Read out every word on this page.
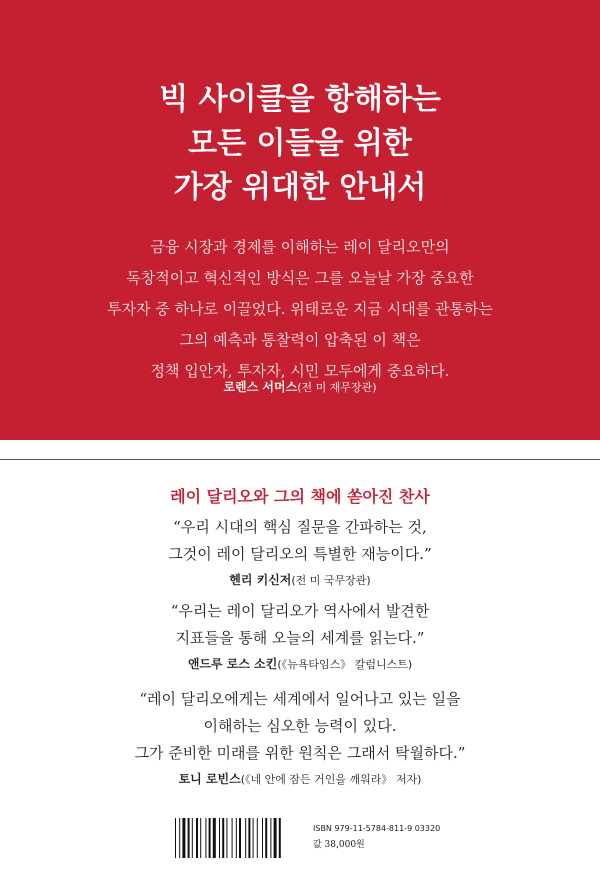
빅 사이클을 항해하는
모든 이들을 위한
가장 위대한 안내서
금융 시장과 경제를 이해하는 레이 달리오만의
독창적이고 혁신적인 방식은 그를 오늘날 가장 중요한
투자자 중 하나로 이끌었다. 위태로운 지금 시대를 관통하는
그의 예측과 통찰력이 압축된 이 책은
정책 입안자, 투자자, 시민 모두에게 중요하다.
로렌스 서머스(전 미 재무장관)
레이 달리오와 그의 책에 쏟아진 찬사
“우리 시대의 핵심 질문을 간파하는 것,
그것이 레이 달리오의 특별한 재능이다.”
헨리 키신저(전 미 국무장관)
“우리는 레이 달리오가 역사에서 발견한
지표들을 통해 오늘의 세계를 읽는다.”
앤드루 로스 소킨(《뉴욕타임스》 칼럼니스트)
“레이 달리오에게는 세계에서 일어나고 있는 일을
이해하는 심오한 능력이 있다.
그가 준비한 미래를 위한 원칙은 그래서 탁월하다.”
토니 로빈스(《네 안에 잠든 거인을 깨워라》 저자)
ISBN 979-11-5784-811-9 03320
값 38,000원
